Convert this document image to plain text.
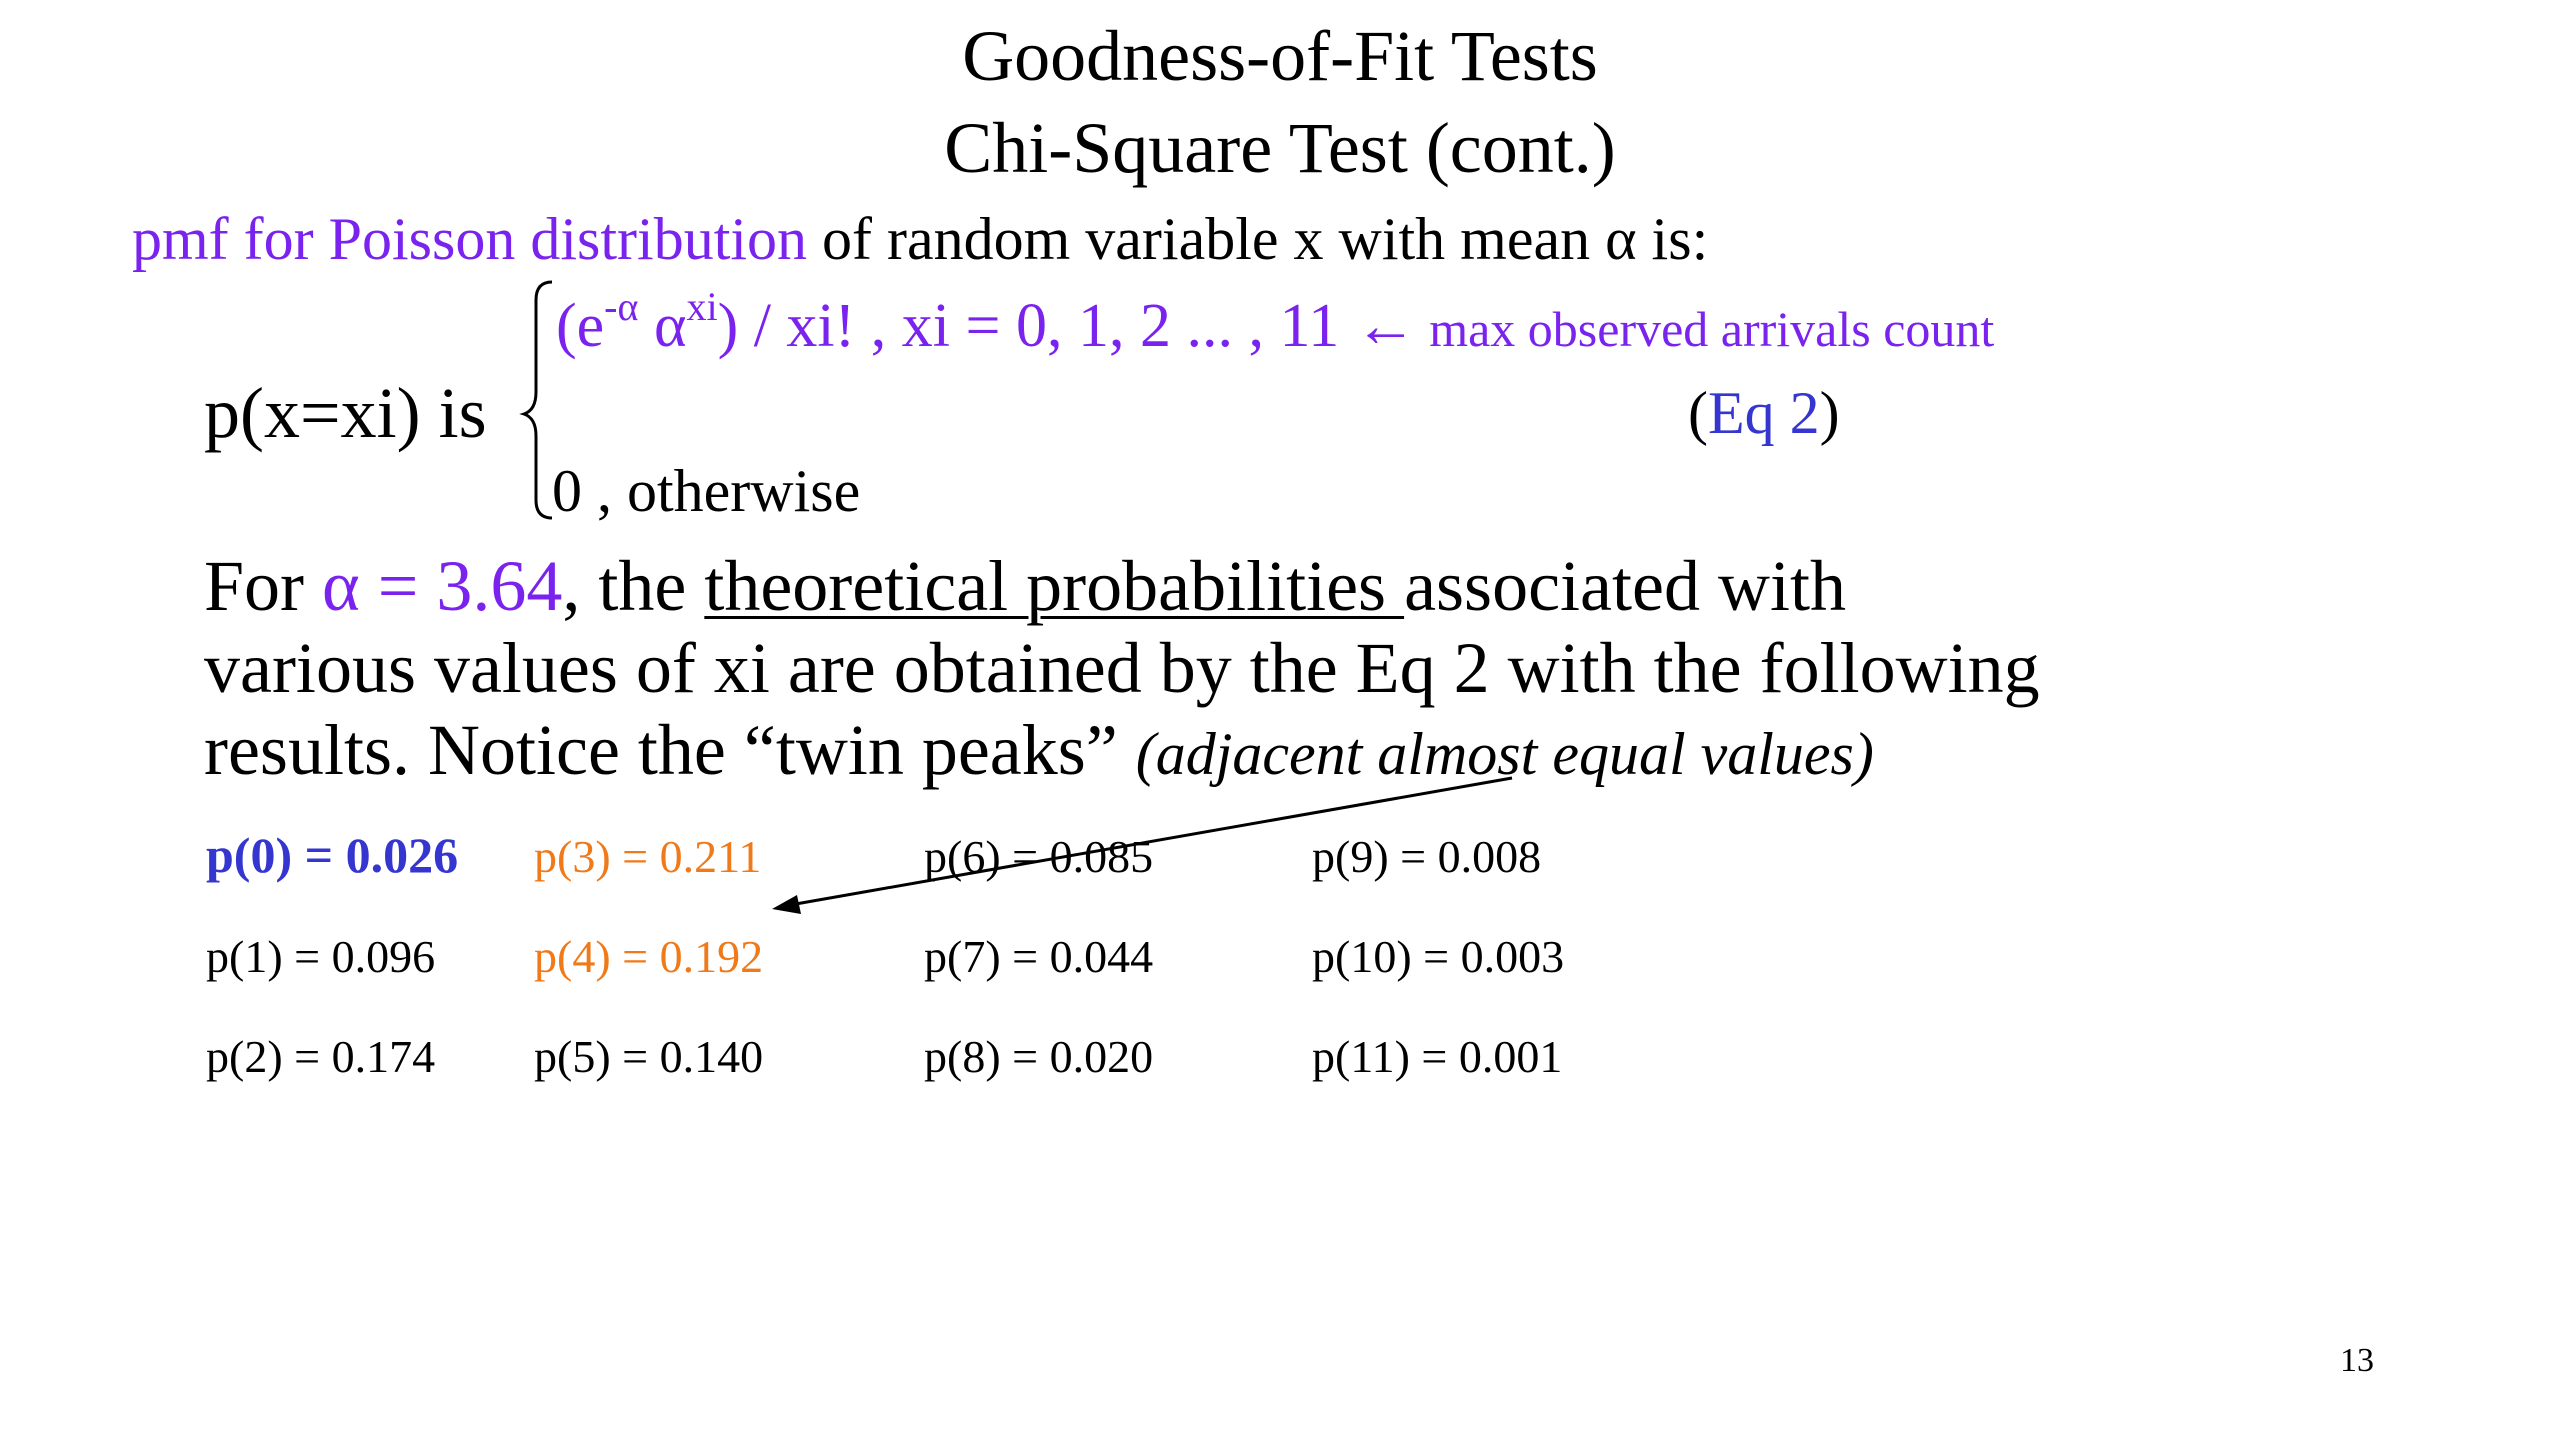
Goodness-of-Fit Tests
Chi-Square Test (cont.)
pmf for Poisson distribution of random variable x with mean α is:
p(x=xi) is
($e^{-\alpha}$ $\alpha^{xi}$) / xi! , xi = 0, 1, 2 ... , 11 ← max observed arrivals count
(Eq 2)
0 , otherwise
For α = 3.64, the theoretical probabilities associated with
various values of xi are obtained by the Eq 2 with the following
results. Notice the “twin peaks” (adjacent almost equal values)
p(0) = 0.026 p(3) = 0.211	p(6) = 0.085	p(9) = 0.008
p(1) = 0.096 p(4) = 0.192	p(7) = 0.044	p(10) = 0.003
p(2) = 0.174 p(5) = 0.140	p(8) = 0.020	p(11) = 0.001
13
